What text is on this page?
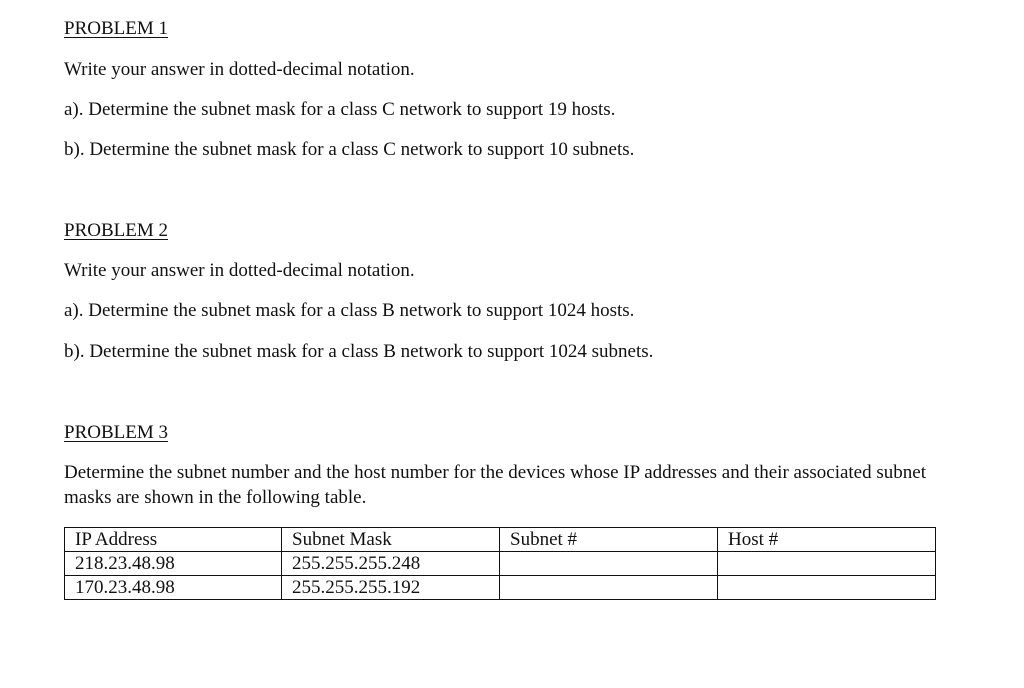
PROBLEM 1
Write your answer in dotted-decimal notation.
a). Determine the subnet mask for a class C network to support 19 hosts.
b). Determine the subnet mask for a class C network to support 10 subnets.
PROBLEM 2
Write your answer in dotted-decimal notation.
a). Determine the subnet mask for a class B network to support 1024 hosts.
b). Determine the subnet mask for a class B network to support 1024 subnets.
PROBLEM 3
Determine the subnet number and the host number for the devices whose IP addresses and their associated subnet masks are shown in the following table.
IP Address	Subnet Mask	Subnet #	Host #
218.23.48.98	255.255.255.248		
170.23.48.98	255.255.255.192		
